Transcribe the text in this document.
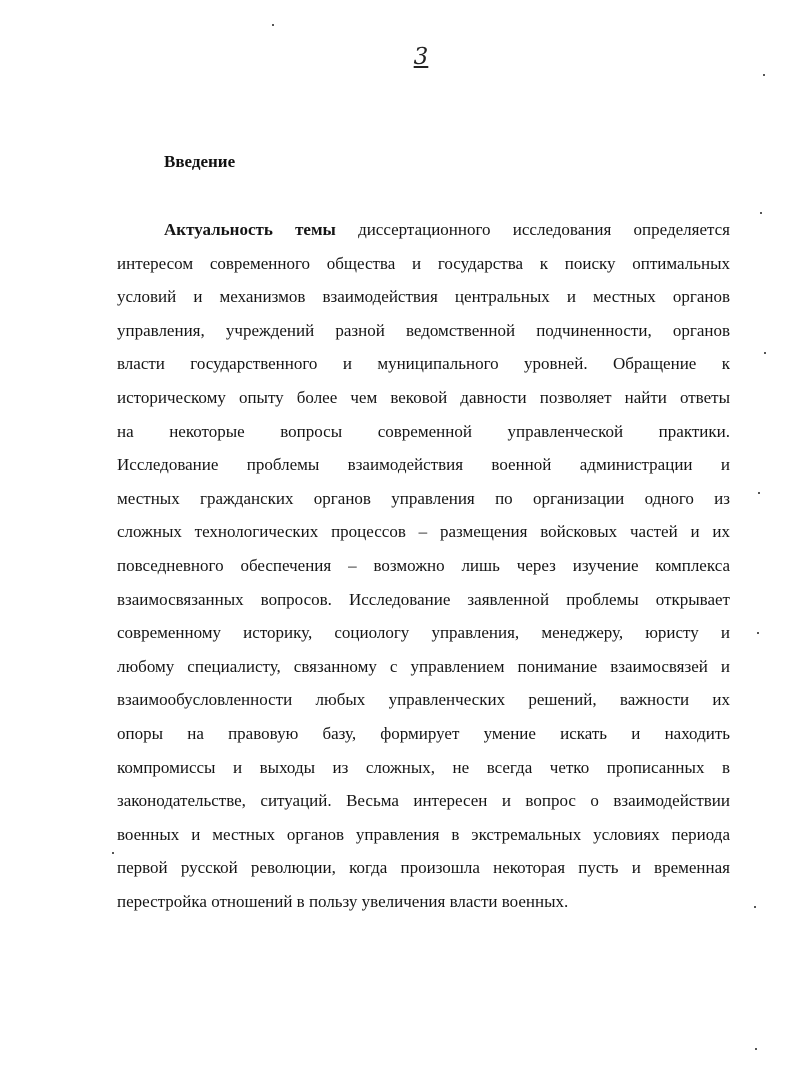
3
Введение
Актуальность темы диссертационного исследования определяется
интересом современного общества и государства к поиску оптимальных
условий и механизмов взаимодействия центральных и местных органов
управления, учреждений разной ведомственной подчиненности, органов
власти государственного и муниципального уровней. Обращение к
историческому опыту более чем вековой давности позволяет найти ответы
на некоторые вопросы современной управленческой практики.
Исследование проблемы взаимодействия военной администрации и
местных гражданских органов управления по организации одного из
сложных технологических процессов – размещения войсковых частей и их
повседневного обеспечения – возможно лишь через изучение комплекса
взаимосвязанных вопросов. Исследование заявленной проблемы открывает
современному историку, социологу управления, менеджеру, юристу и
любому специалисту, связанному с управлением понимание взаимосвязей и
взаимообусловленности любых управленческих решений, важности их
опоры на правовую базу, формирует умение искать и находить
компромиссы и выходы из сложных, не всегда четко прописанных в
законодательстве, ситуаций. Весьма интересен и вопрос о взаимодействии
военных и местных органов управления в экстремальных условиях периода
первой русской революции, когда произошла некоторая пусть и временная
перестройка отношений в пользу увеличения власти военных.
